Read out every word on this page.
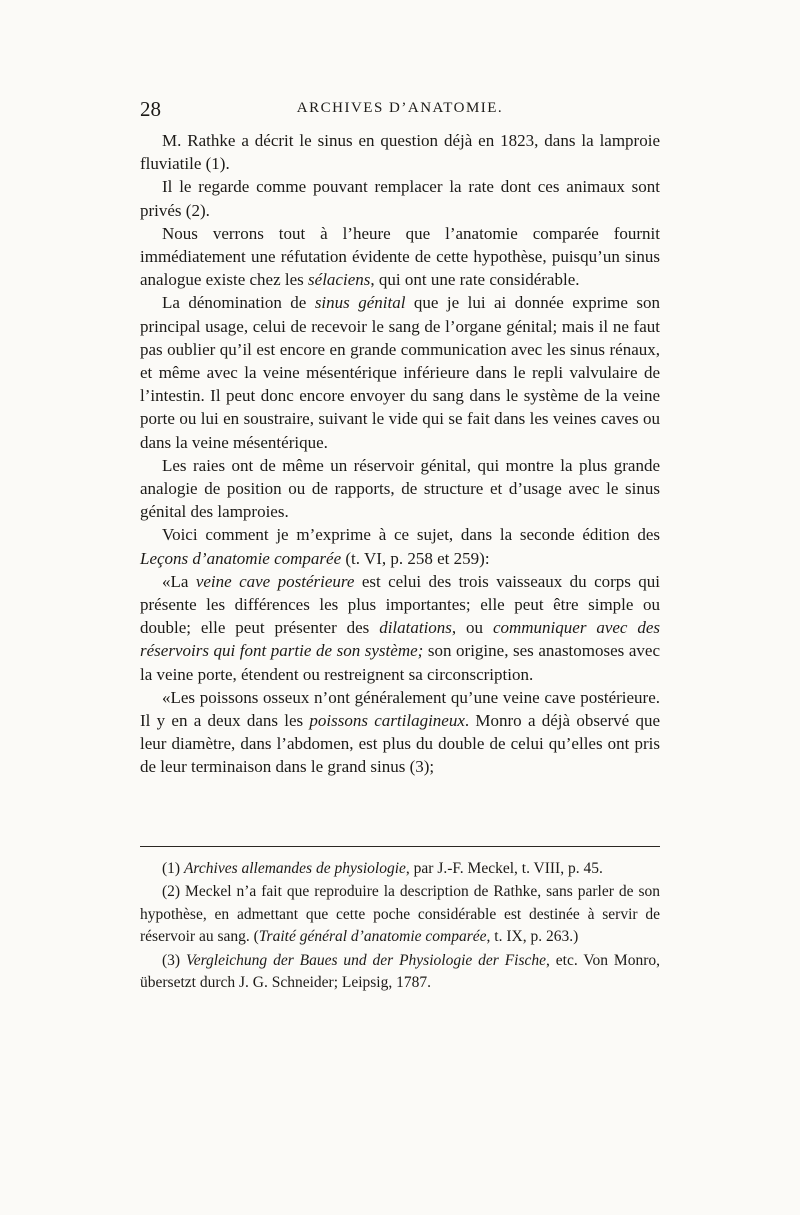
28	ARCHIVES D’ANATOMIE.

M. Rathke a décrit le sinus en question déjà en 1823, dans la lamproie fluviatile (1).

Il le regarde comme pouvant remplacer la rate dont ces animaux sont privés (2).

Nous verrons tout à l’heure que l’anatomie comparée fournit immédiatement une réfutation évidente de cette hypothèse, puisqu’un sinus analogue existe chez les sélaciens, qui ont une rate considérable.

La dénomination de sinus génital que je lui ai donnée exprime son principal usage, celui de recevoir le sang de l’organe génital; mais il ne faut pas oublier qu’il est encore en grande communication avec les sinus rénaux, et même avec la veine mésentérique inférieure dans le repli valvulaire de l’intestin. Il peut donc encore envoyer du sang dans le système de la veine porte ou lui en soustraire, suivant le vide qui se fait dans les veines caves ou dans la veine mésentérique.

Les raies ont de même un réservoir génital, qui montre la plus grande analogie de position ou de rapports, de structure et d’usage avec le sinus génital des lamproies.

Voici comment je m’exprime à ce sujet, dans la seconde édition des Leçons d’anatomie comparée (t. VI, p. 258 et 259):

«La veine cave postérieure est celui des trois vaisseaux du corps qui présente les différences les plus importantes; elle peut être simple ou double; elle peut présenter des dilatations, ou communiquer avec des réservoirs qui font partie de son système; son origine, ses anastomoses avec la veine porte, étendent ou restreignent sa circonscription.

«Les poissons osseux n’ont généralement qu’une veine cave postérieure. Il y en a deux dans les poissons cartilagineux. Monro a déjà observé que leur diamètre, dans l’abdomen, est plus du double de celui qu’elles ont pris de leur terminaison dans le grand sinus (3);

(1) Archives allemandes de physiologie, par J.-F. Meckel, t. VIII, p. 45.

(2) Meckel n’a fait que reproduire la description de Rathke, sans parler de son hypothèse, en admettant que cette poche considérable est destinée à servir de réservoir au sang. (Traité général d’anatomie comparée, t. IX, p. 263.)

(3) Vergleichung der Baues und der Physiologie der Fische, etc. Von Monro, übersetzt durch J. G. Schneider; Leipsig, 1787.
